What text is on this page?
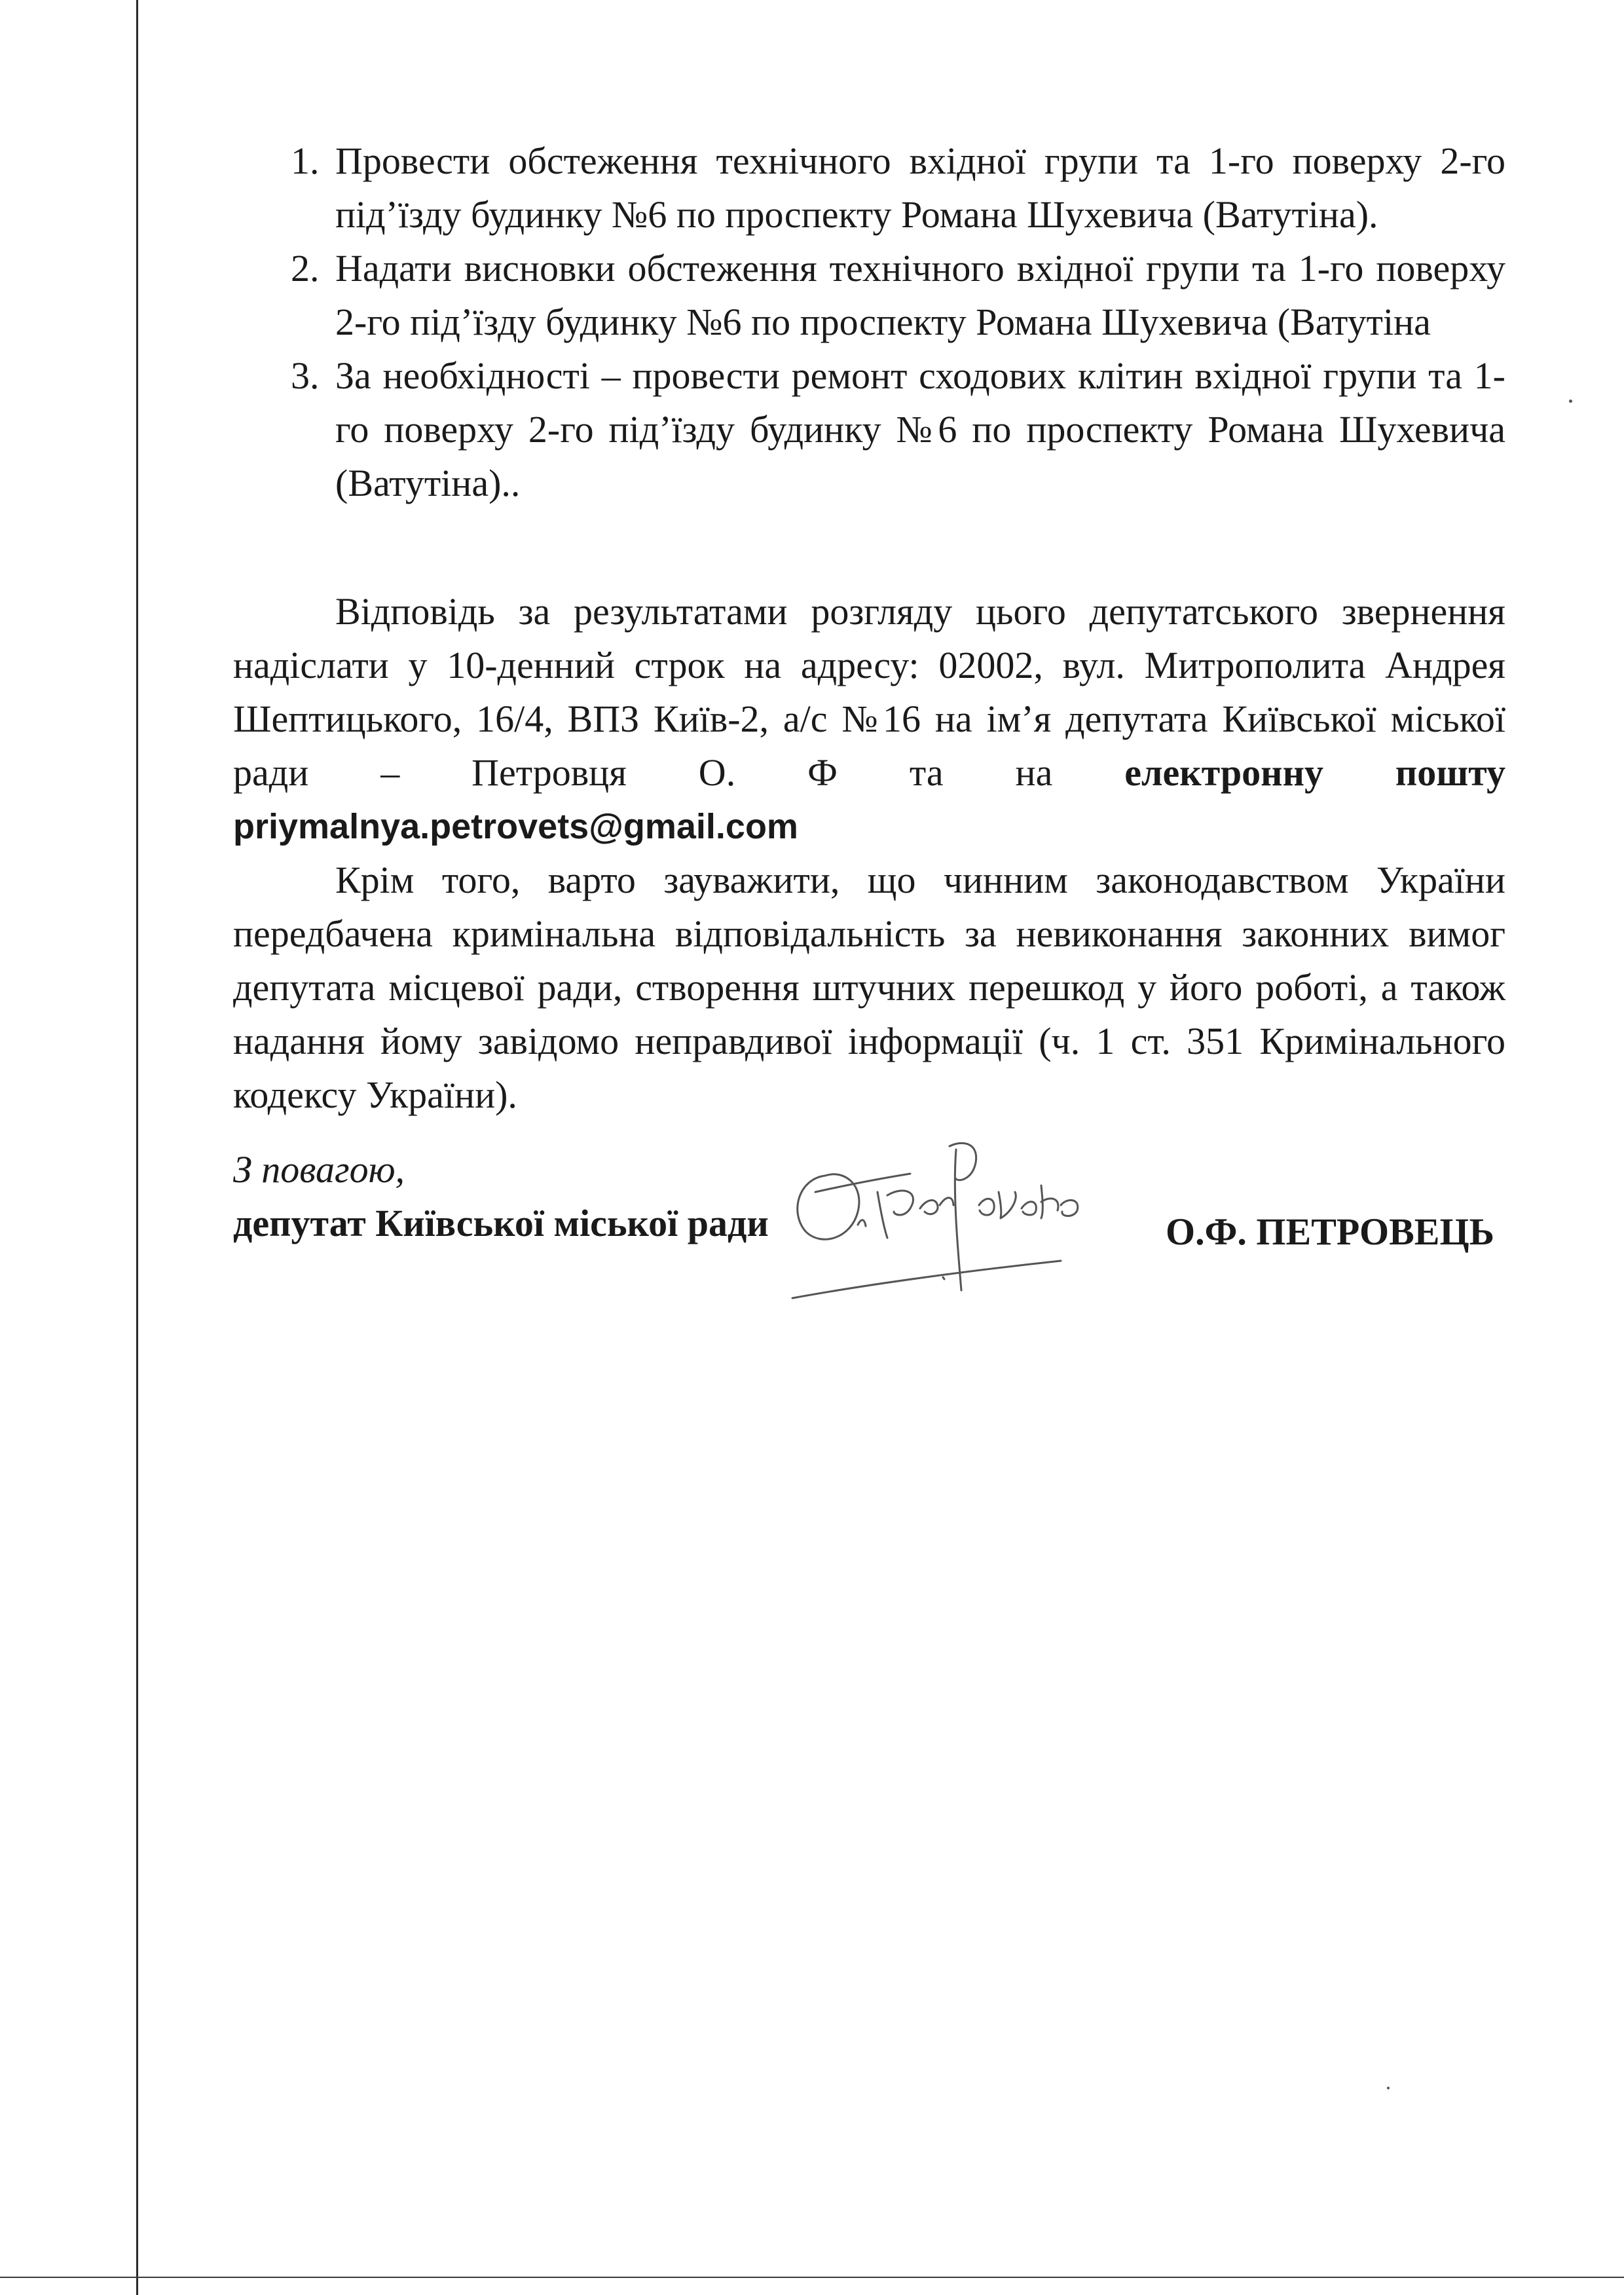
1. Провести обстеження технічного вхідної групи та 1-го поверху 2-го під’їзду будинку №6 по проспекту Романа Шухевича (Ватутіна).
2. Надати висновки обстеження технічного вхідної групи та 1-го поверху 2-го під’їзду будинку №6 по проспекту Романа Шухевича (Ватутіна
3. За необхідності – провести ремонт сходових клітин вхідної групи та 1-го поверху 2-го під’їзду будинку №6 по проспекту Романа Шухевича (Ватутіна)..

Відповідь за результатами розгляду цього депутатського звернення надіслати у 10-денний строк на адресу: 02002, вул. Митрополита Андрея Шептицького, 16/4, ВПЗ Київ-2, а/с №16 на ім’я депутата Київської міської ради – Петровця О. Ф та на електронну пошту

priymalnya.petrovets@gmail.com

Крім того, варто зауважити, що чинним законодавством України передбачена кримінальна відповідальність за невиконання законних вимог депутата місцевої ради, створення штучних перешкод у його роботі, а також надання йому завідомо неправдивої інформації (ч. 1 ст. 351 Кримінального кодексу України).

З повагою,
депутат Київської міської ради	О.Ф. ПЕТРОВЕЦЬ
